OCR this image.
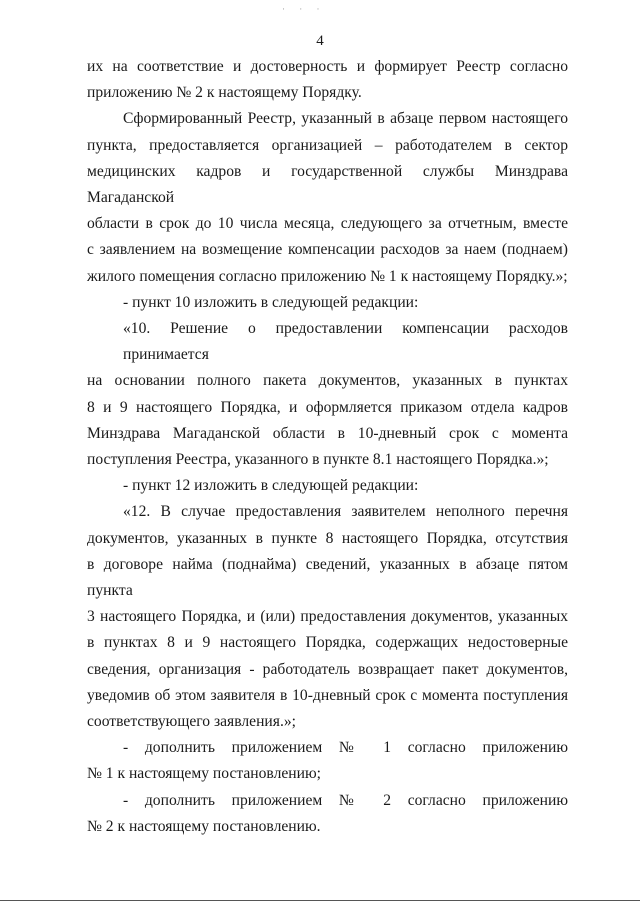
· · ·
4
их на соответствие и достоверность и формирует Реестр согласно
приложению № 2 к настоящему Порядку.
Сформированный Реестр, указанный в абзаце первом настоящего
пункта, предоставляется организацией – работодателем в сектор
медицинских кадров и государственной службы Минздрава Магаданской
области в срок до 10 числа месяца, следующего за отчетным, вместе
с заявлением на возмещение компенсации расходов за наем (поднаем)
жилого помещения согласно приложению № 1 к настоящему Порядку.»;
- пункт 10 изложить в следующей редакции:
«10. Решение о предоставлении компенсации расходов принимается
на основании полного пакета документов, указанных в пунктах
8 и 9 настоящего Порядка, и оформляется приказом отдела кадров
Минздрава Магаданской области в 10-дневный срок с момента
поступления Реестра, указанного в пункте 8.1 настоящего Порядка.»;
- пункт 12 изложить в следующей редакции:
«12. В случае предоставления заявителем неполного перечня
документов, указанных в пункте 8 настоящего Порядка, отсутствия
в договоре найма (поднайма) сведений, указанных в абзаце пятом пункта
3 настоящего Порядка, и (или) предоставления документов, указанных
в пунктах 8 и 9 настоящего Порядка, содержащих недостоверные
сведения, организация - работодатель возвращает пакет документов,
уведомив об этом заявителя в 10-дневный срок с момента поступления
соответствующего заявления.»;
- дополнить приложением № 1 согласно приложению
№ 1 к настоящему постановлению;
- дополнить приложением № 2 согласно приложению
№ 2 к настоящему постановлению.
